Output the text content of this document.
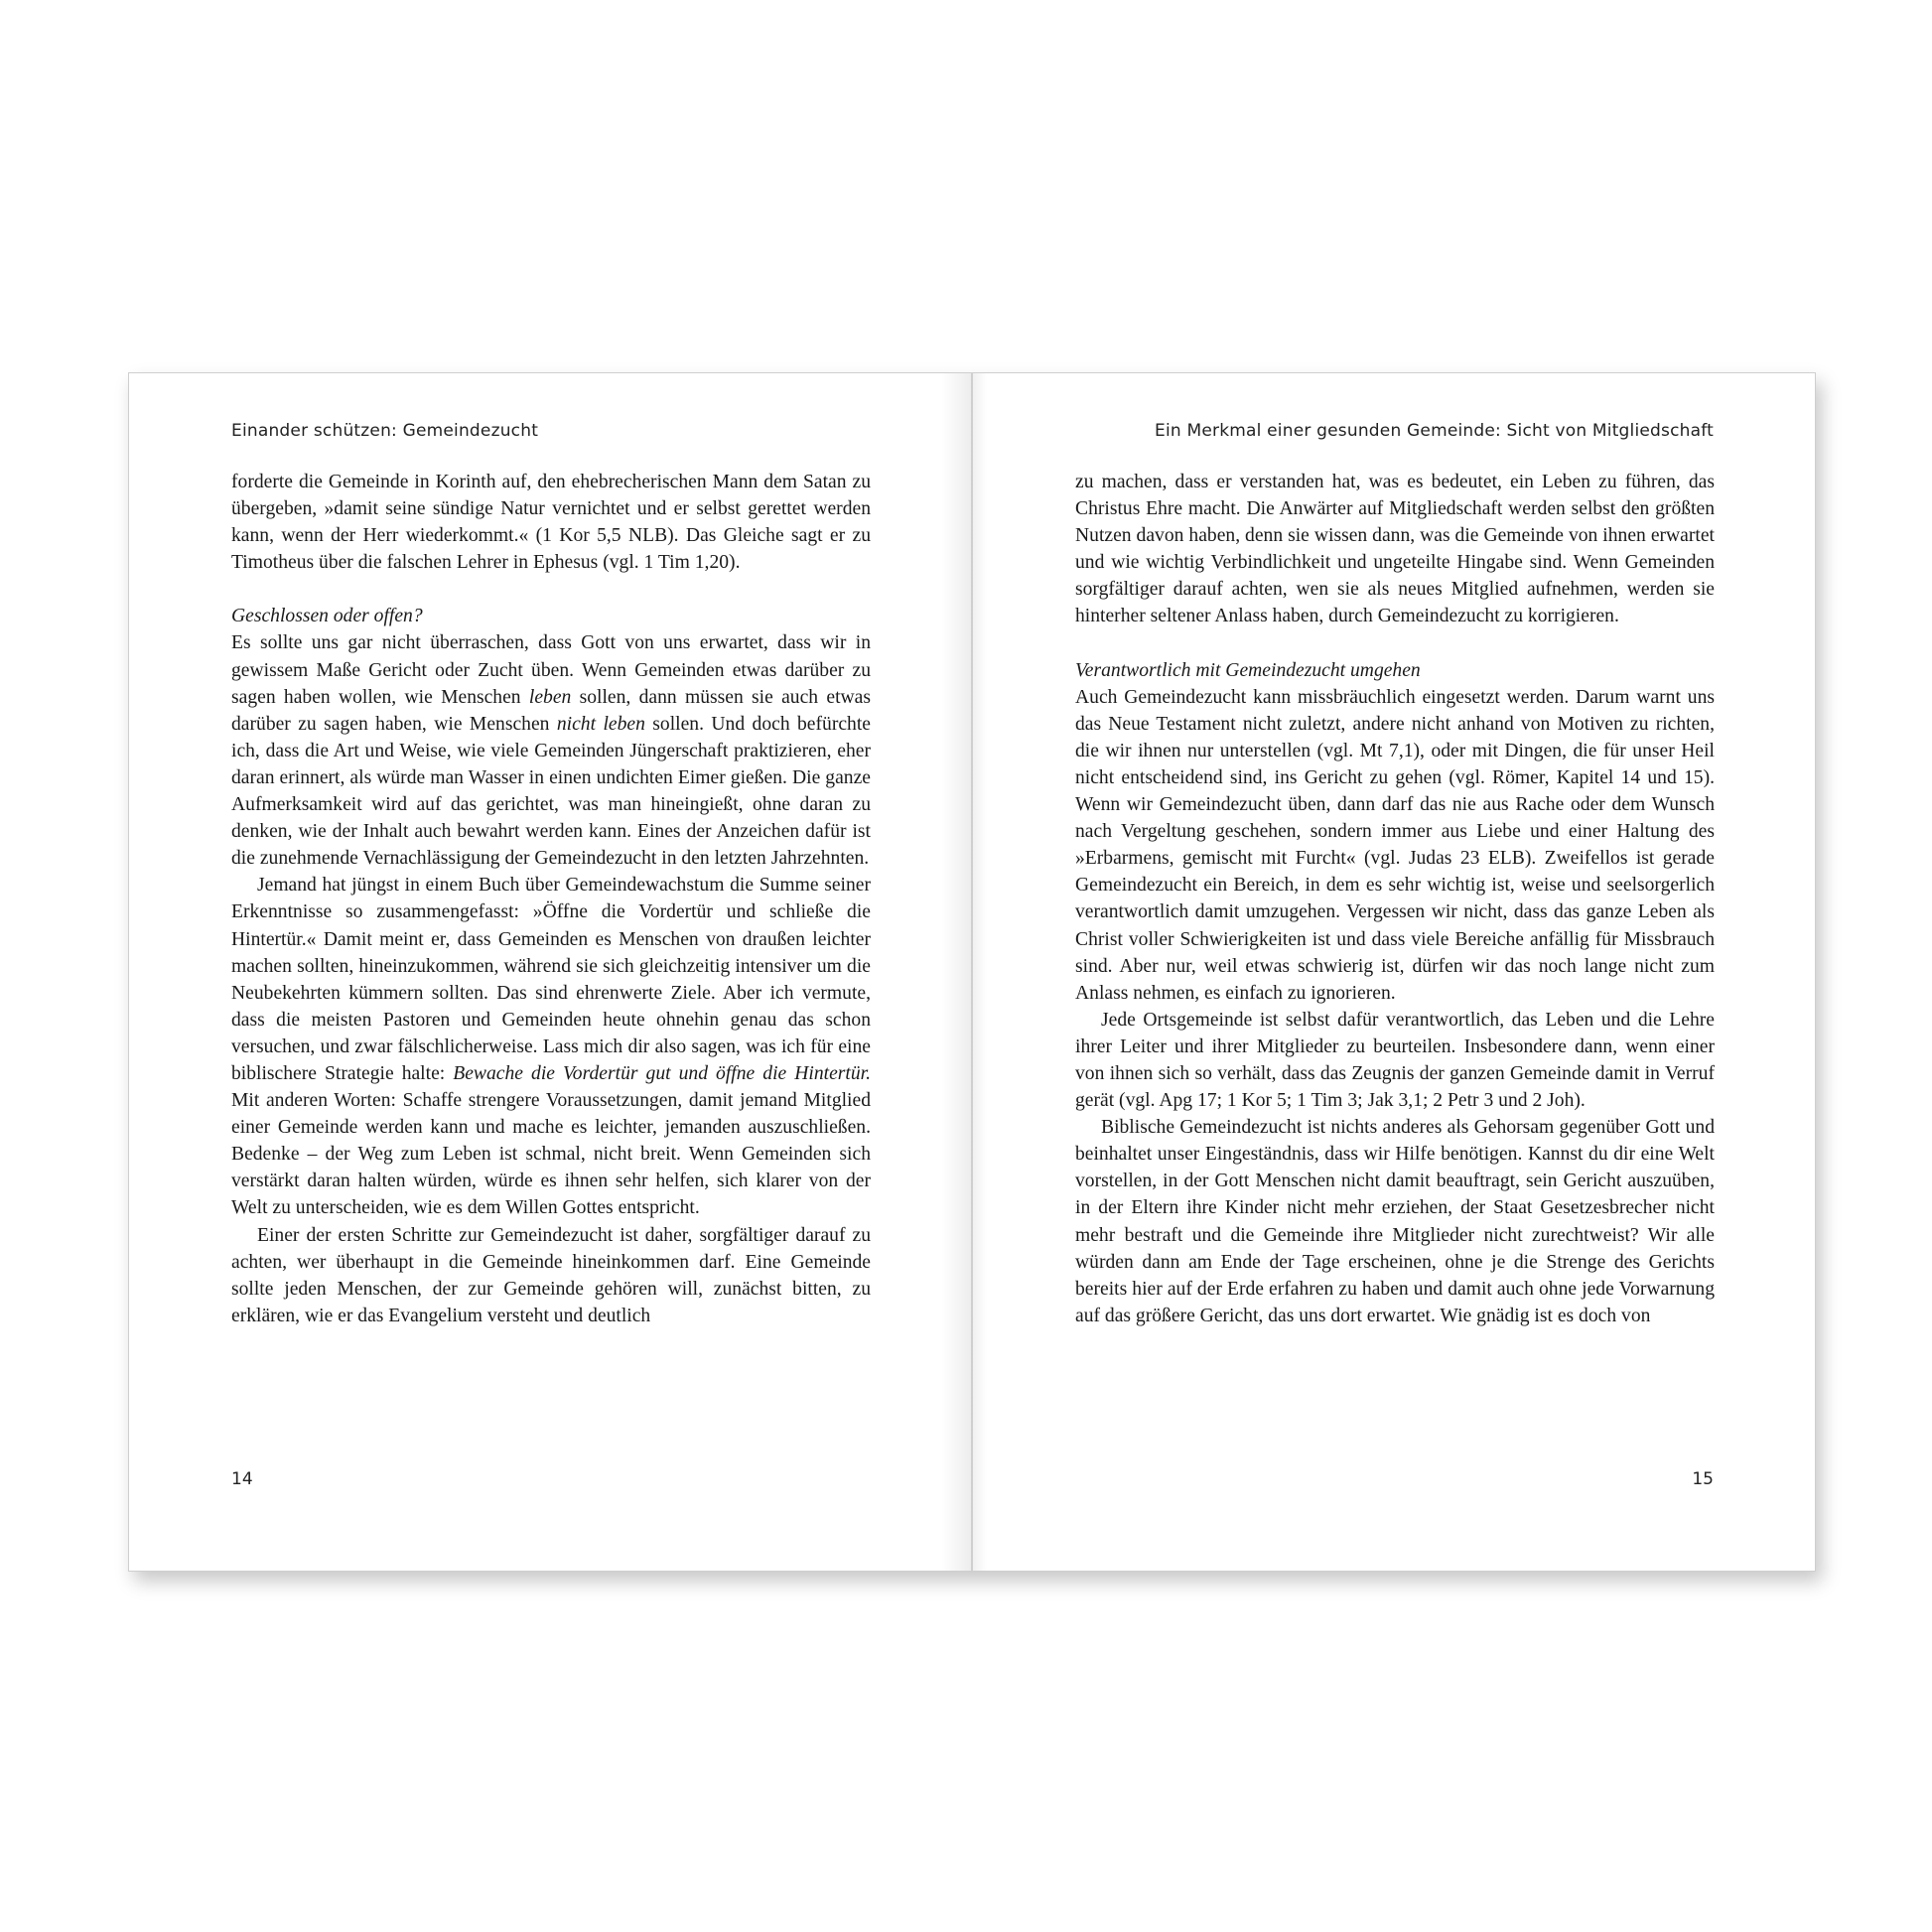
Einander schützen: Gemeindezucht

forderte die Gemeinde in Korinth auf, den ehebrecherischen Mann dem Satan zu übergeben, »damit seine sündige Natur vernichtet und er selbst gerettet werden kann, wenn der Herr wiederkommt.« (1 Kor 5,5 NLB). Das Gleiche sagt er zu Timotheus über die falschen Lehrer in Ephesus (vgl. 1 Tim 1,20).

Geschlossen oder offen?

Es sollte uns gar nicht überraschen, dass Gott von uns erwartet, dass wir in gewissem Maße Gericht oder Zucht üben. Wenn Gemeinden etwas darüber zu sagen haben wollen, wie Menschen leben sollen, dann müssen sie auch etwas darüber zu sagen haben, wie Menschen nicht leben sollen. Und doch befürchte ich, dass die Art und Weise, wie viele Gemeinden Jüngerschaft praktizieren, eher daran erinnert, als würde man Wasser in einen undichten Eimer gießen. Die ganze Aufmerksamkeit wird auf das gerichtet, was man hineingießt, ohne daran zu denken, wie der Inhalt auch bewahrt werden kann. Eines der Anzeichen dafür ist die zunehmende Vernachlässigung der Gemeindezucht in den letzten Jahrzehnten.

Jemand hat jüngst in einem Buch über Gemeindewachstum die Summe seiner Erkenntnisse so zusammengefasst: »Öffne die Vordertür und schließe die Hintertür.« Damit meint er, dass Gemeinden es Menschen von draußen leichter machen sollten, hineinzukommen, während sie sich gleichzeitig intensiver um die Neubekehrten kümmern sollten. Das sind ehrenwerte Ziele. Aber ich vermute, dass die meisten Pastoren und Gemeinden heute ohnehin genau das schon versuchen, und zwar fälschlicherweise. Lass mich dir also sagen, was ich für eine biblischere Strategie halte: Bewache die Vordertür gut und öffne die Hintertür. Mit anderen Worten: Schaffe strengere Voraussetzungen, damit jemand Mitglied einer Gemeinde werden kann und mache es leichter, jemanden auszuschließen. Bedenke – der Weg zum Leben ist schmal, nicht breit. Wenn Gemeinden sich verstärkt daran halten würden, würde es ihnen sehr helfen, sich klarer von der Welt zu unterscheiden, wie es dem Willen Gottes entspricht.

Einer der ersten Schritte zur Gemeindezucht ist daher, sorgfältiger darauf zu achten, wer überhaupt in die Gemeinde hineinkommen darf. Eine Gemeinde sollte jeden Menschen, der zur Gemeinde gehören will, zunächst bitten, zu erklären, wie er das Evangelium versteht und deutlich

14
Ein Merkmal einer gesunden Gemeinde: Sicht von Mitgliedschaft

zu machen, dass er verstanden hat, was es bedeutet, ein Leben zu führen, das Christus Ehre macht. Die Anwärter auf Mitgliedschaft werden selbst den größten Nutzen davon haben, denn sie wissen dann, was die Gemeinde von ihnen erwartet und wie wichtig Verbindlichkeit und ungeteilte Hingabe sind. Wenn Gemeinden sorgfältiger darauf achten, wen sie als neues Mitglied aufnehmen, werden sie hinterher seltener Anlass haben, durch Gemeindezucht zu korrigieren.

Verantwortlich mit Gemeindezucht umgehen

Auch Gemeindezucht kann missbräuchlich eingesetzt werden. Darum warnt uns das Neue Testament nicht zuletzt, andere nicht anhand von Motiven zu richten, die wir ihnen nur unterstellen (vgl. Mt 7,1), oder mit Dingen, die für unser Heil nicht entscheidend sind, ins Gericht zu gehen (vgl. Römer, Kapitel 14 und 15). Wenn wir Gemeindezucht üben, dann darf das nie aus Rache oder dem Wunsch nach Vergeltung geschehen, sondern immer aus Liebe und einer Haltung des »Erbarmens, gemischt mit Furcht« (vgl. Judas 23 ELB). Zweifellos ist gerade Gemeindezucht ein Bereich, in dem es sehr wichtig ist, weise und seelsorgerlich verantwortlich damit umzugehen. Vergessen wir nicht, dass das ganze Leben als Christ voller Schwierigkeiten ist und dass viele Bereiche anfällig für Missbrauch sind. Aber nur, weil etwas schwierig ist, dürfen wir das noch lange nicht zum Anlass nehmen, es einfach zu ignorieren.

Jede Ortsgemeinde ist selbst dafür verantwortlich, das Leben und die Lehre ihrer Leiter und ihrer Mitglieder zu beurteilen. Insbesondere dann, wenn einer von ihnen sich so verhält, dass das Zeugnis der ganzen Gemeinde damit in Verruf gerät (vgl. Apg 17; 1 Kor 5; 1 Tim 3; Jak 3,1; 2 Petr 3 und 2 Joh).

Biblische Gemeindezucht ist nichts anderes als Gehorsam gegenüber Gott und beinhaltet unser Eingeständnis, dass wir Hilfe benötigen. Kannst du dir eine Welt vorstellen, in der Gott Menschen nicht damit beauftragt, sein Gericht auszuüben, in der Eltern ihre Kinder nicht mehr erziehen, der Staat Gesetzesbrecher nicht mehr bestraft und die Gemeinde ihre Mitglieder nicht zurechtweist? Wir alle würden dann am Ende der Tage erscheinen, ohne je die Strenge des Gerichts bereits hier auf der Erde erfahren zu haben und damit auch ohne jede Vorwarnung auf das größere Gericht, das uns dort erwartet. Wie gnädig ist es doch von

15
